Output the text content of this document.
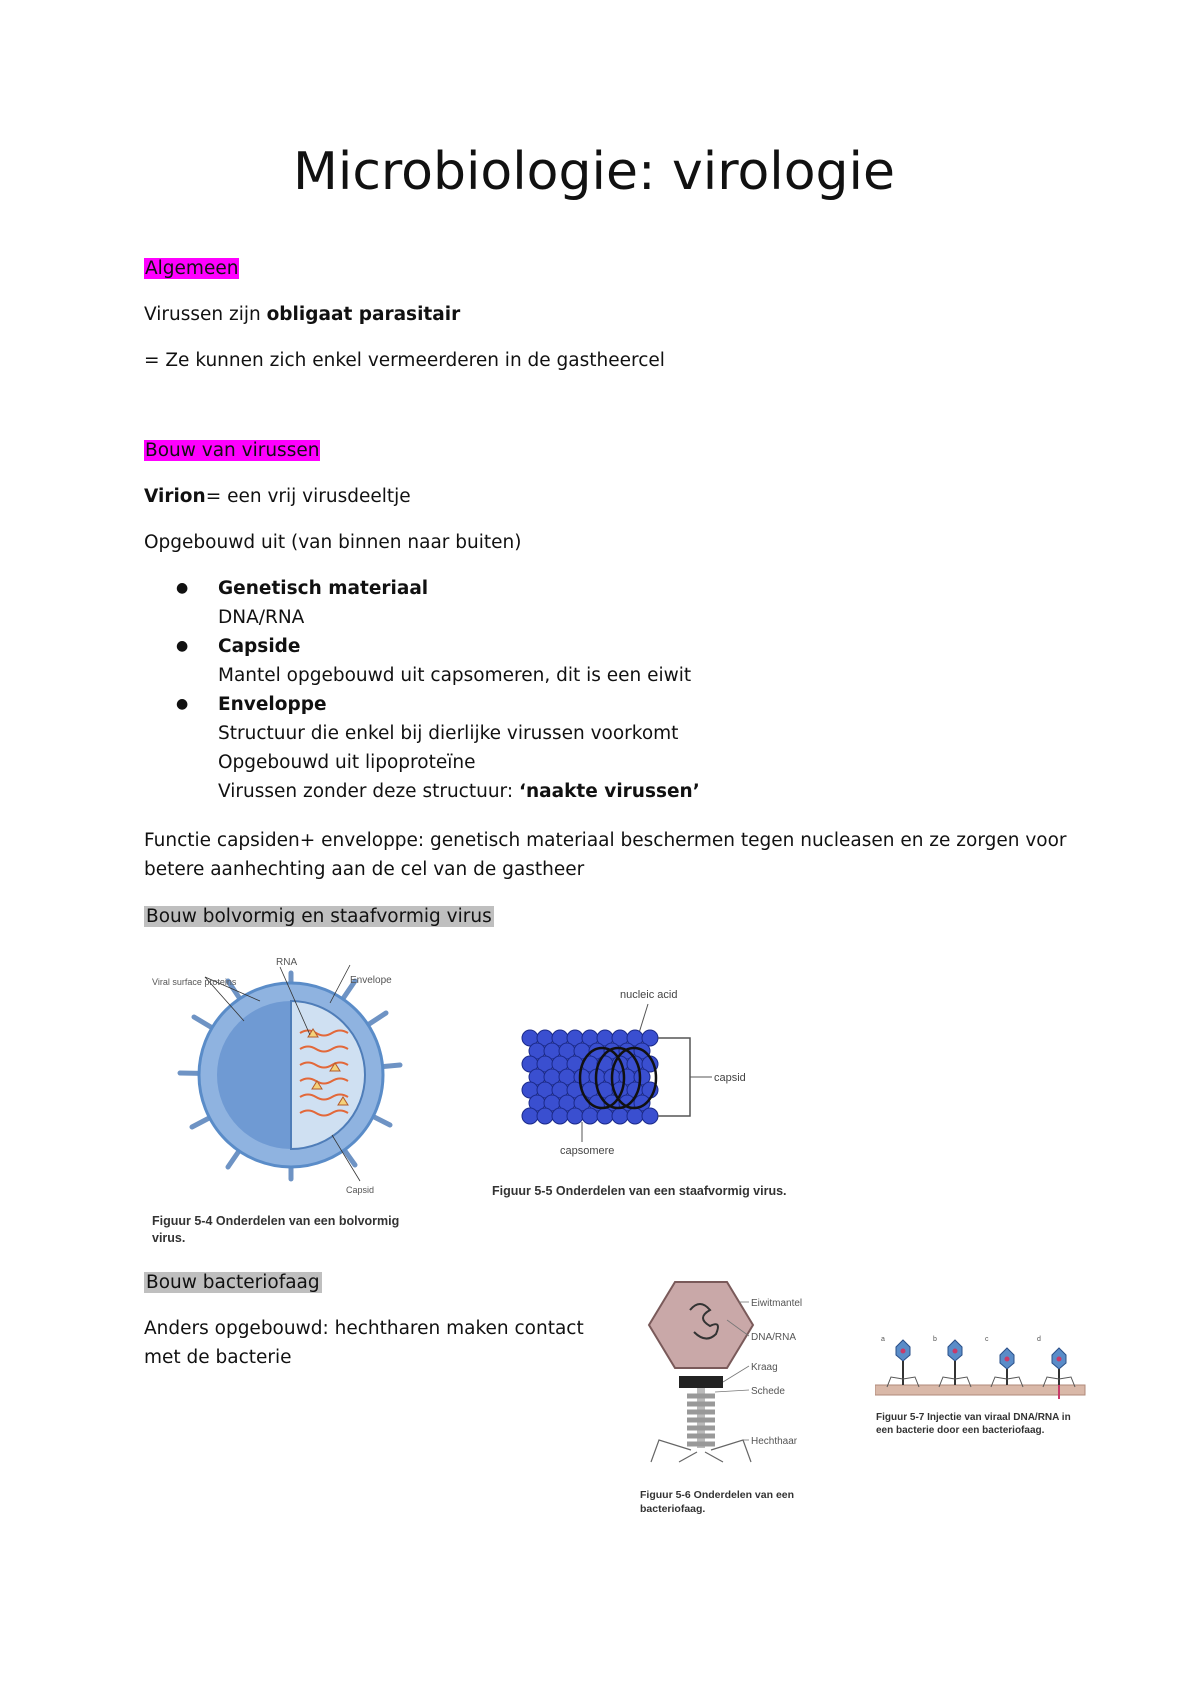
Microbiologie: virologie
Algemeen
Virussen zijn obligaat parasitair
= Ze kunnen zich enkel vermeerderen in de gastheercel
Bouw van virussen
Virion= een vrij virusdeeltje
Opgebouwd uit (van binnen naar buiten)
● Genetisch materiaal
DNA/RNA
● Capside
Mantel opgebouwd uit capsomeren, dit is een eiwit
● Enveloppe
Structuur die enkel bij dierlijke virussen voorkomt
Opgebouwd uit lipoproteïne
Virussen zonder deze structuur: ‘naakte virussen’
Functie capsiden+ enveloppe: genetisch materiaal beschermen tegen nucleasen en ze zorgen voor
betere aanhechting aan de cel van de gastheer
Bouw bolvormig en staafvormig virus
RNA
Envelope
Viral surface proteins
Capsid
Figuur 5-4 Onderdelen van een bolvormig virus.
nucleic acid
capsid
capsomere
Figuur 5-5 Onderdelen van een staafvormig virus.
Bouw bacteriofaag
Anders opgebouwd: hechtharen maken contact
met de bacterie
Eiwitmantel
DNA/RNA
Kraag
Schede
Hechthaar
Figuur 5-6 Onderdelen van een
bacteriofaag.
a	b	c	d
Figuur 5-7 Injectie van viraal DNA/RNA in
een bacterie door een bacteriofaag.
